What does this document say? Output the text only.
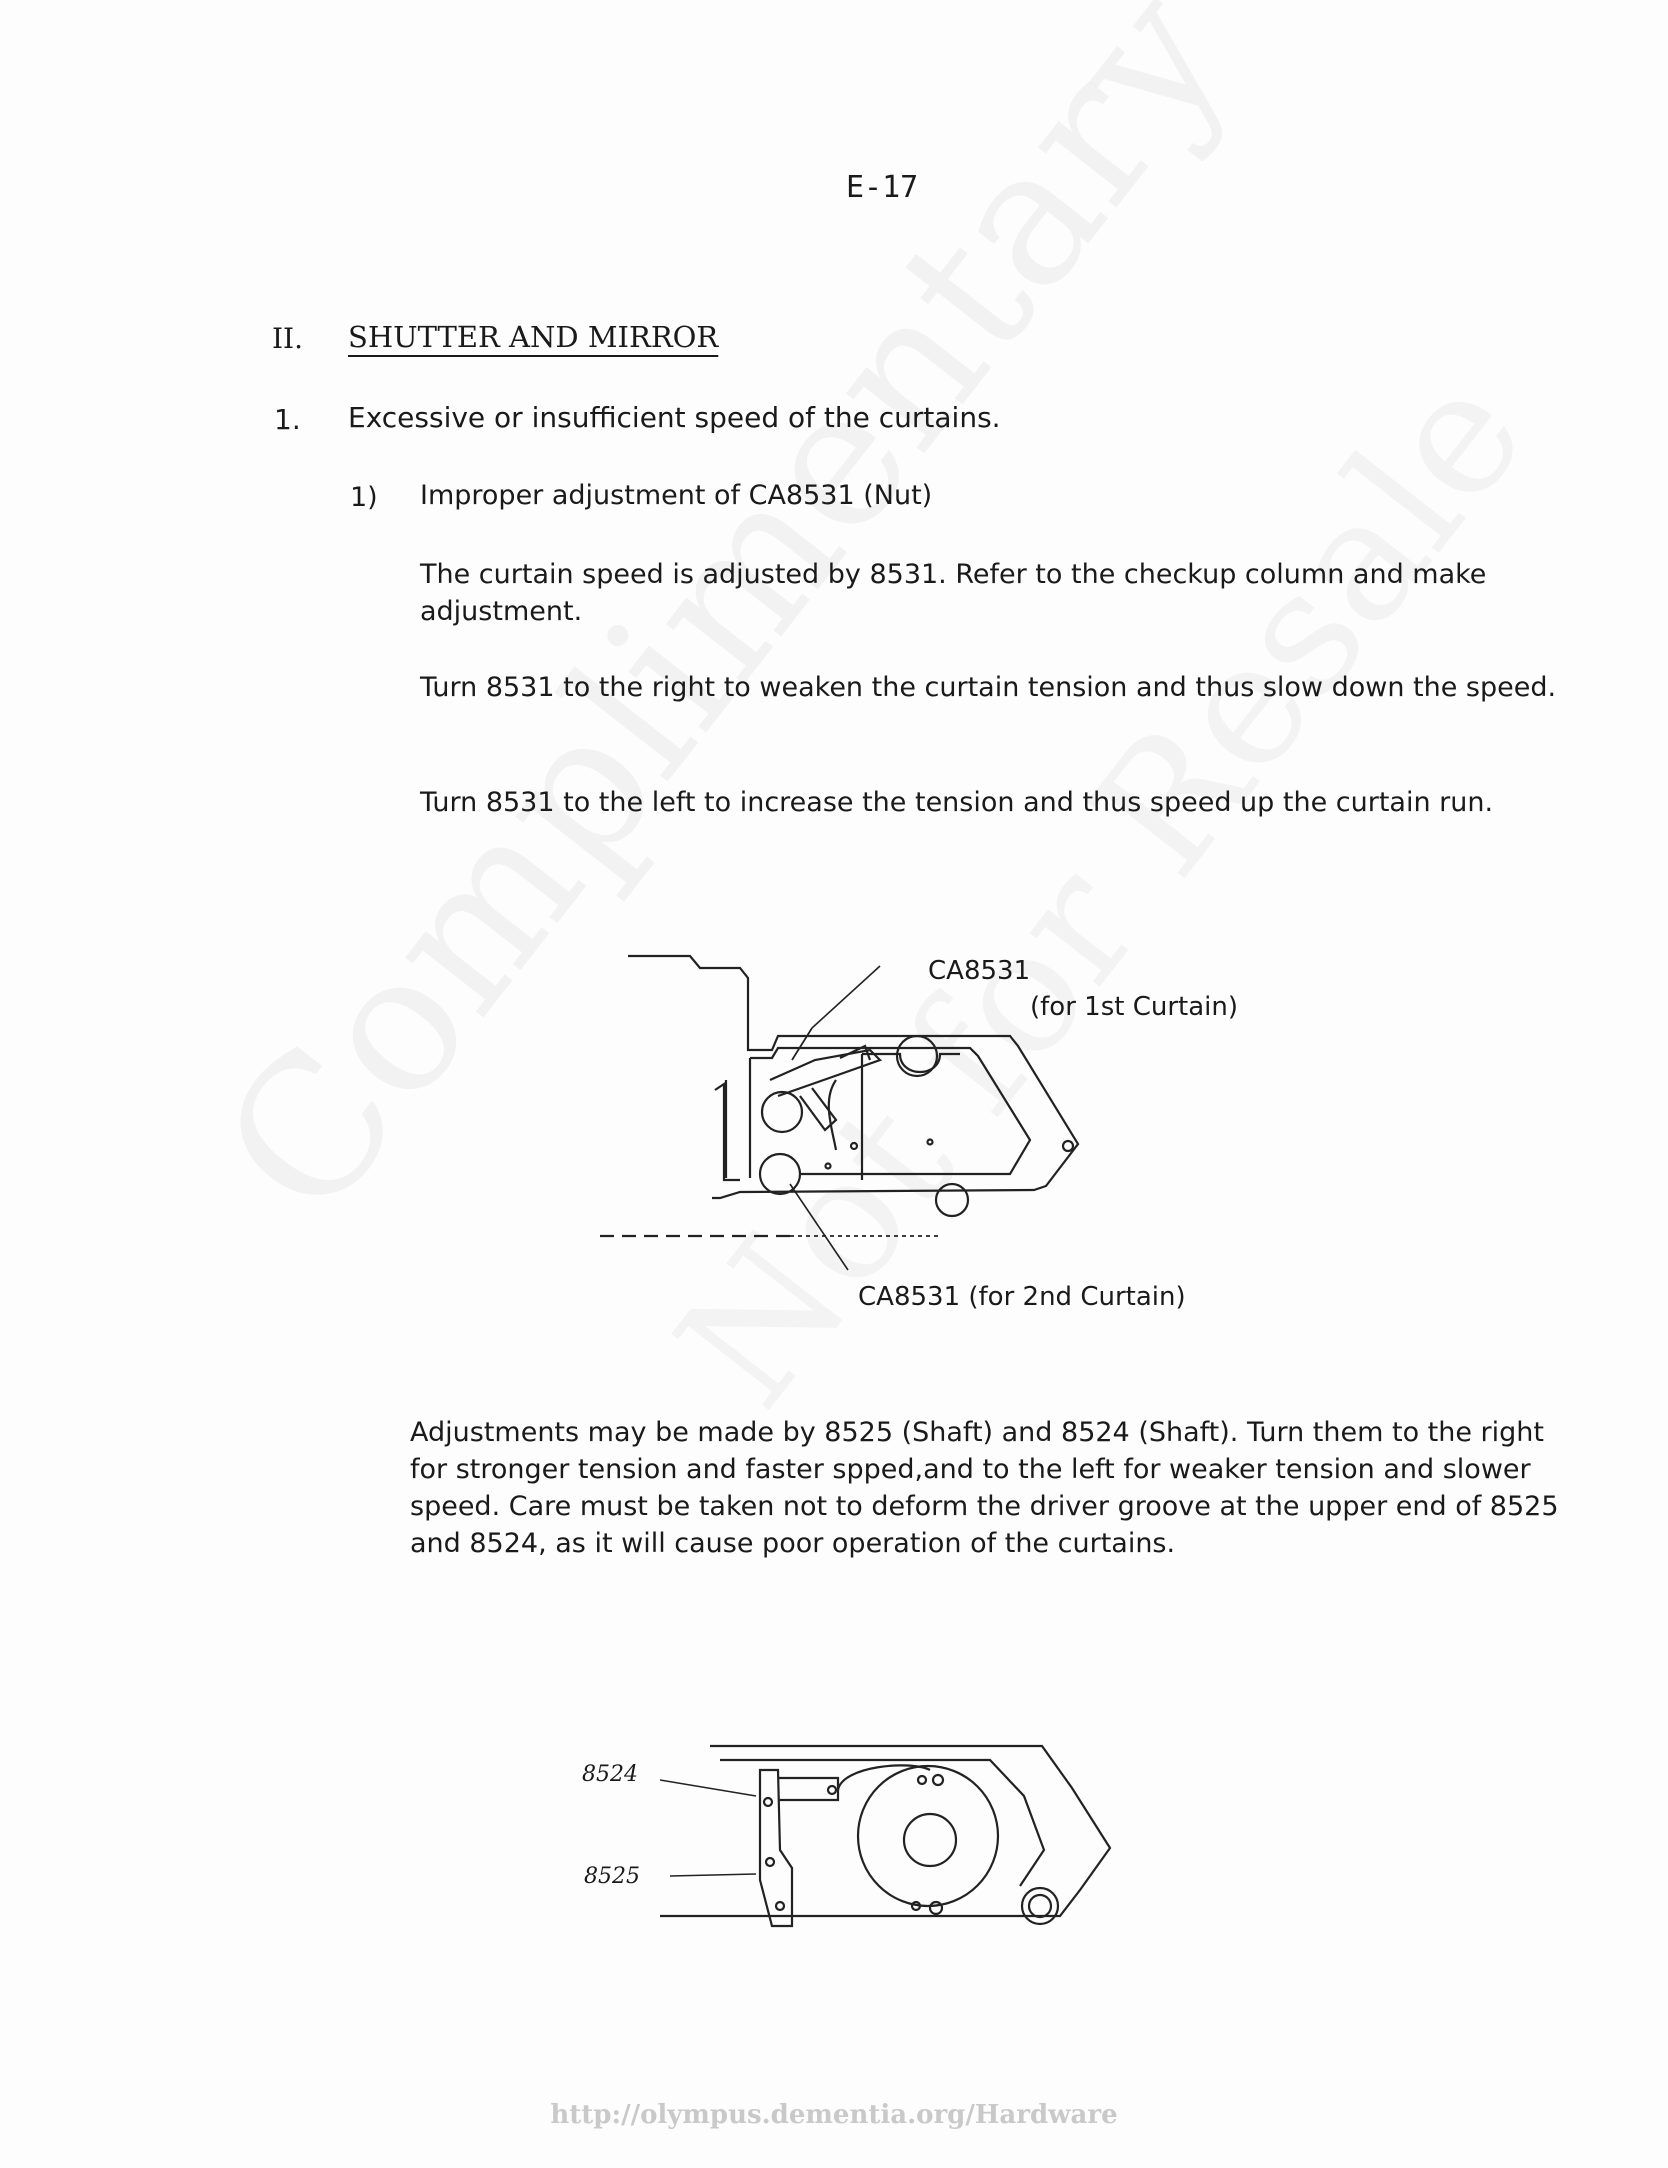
E-17
II. SHUTTER AND MIRROR
1. Excessive or insufficient speed of the curtains.
1) Improper adjustment of CA8531 (Nut)

The curtain speed is adjusted by 8531. Refer to the checkup column and make adjustment.

Turn 8531 to the right to weaken the curtain tension and thus slow down the speed.

Turn 8531 to the left to increase the tension and thus speed up the curtain run.

CA8531
(for 1st Curtain)
CA8531 (for 2nd Curtain)

Adjustments may be made by 8525 (Shaft) and 8524 (Shaft). Turn them to the right for stronger tension and faster spped,and to the left for weaker tension and slower speed. Care must be taken not to deform the driver groove at the upper end of 8525 and 8524, as it will cause poor operation of the curtains.

8524
8525
http://olympus.dementia.org/Hardware
